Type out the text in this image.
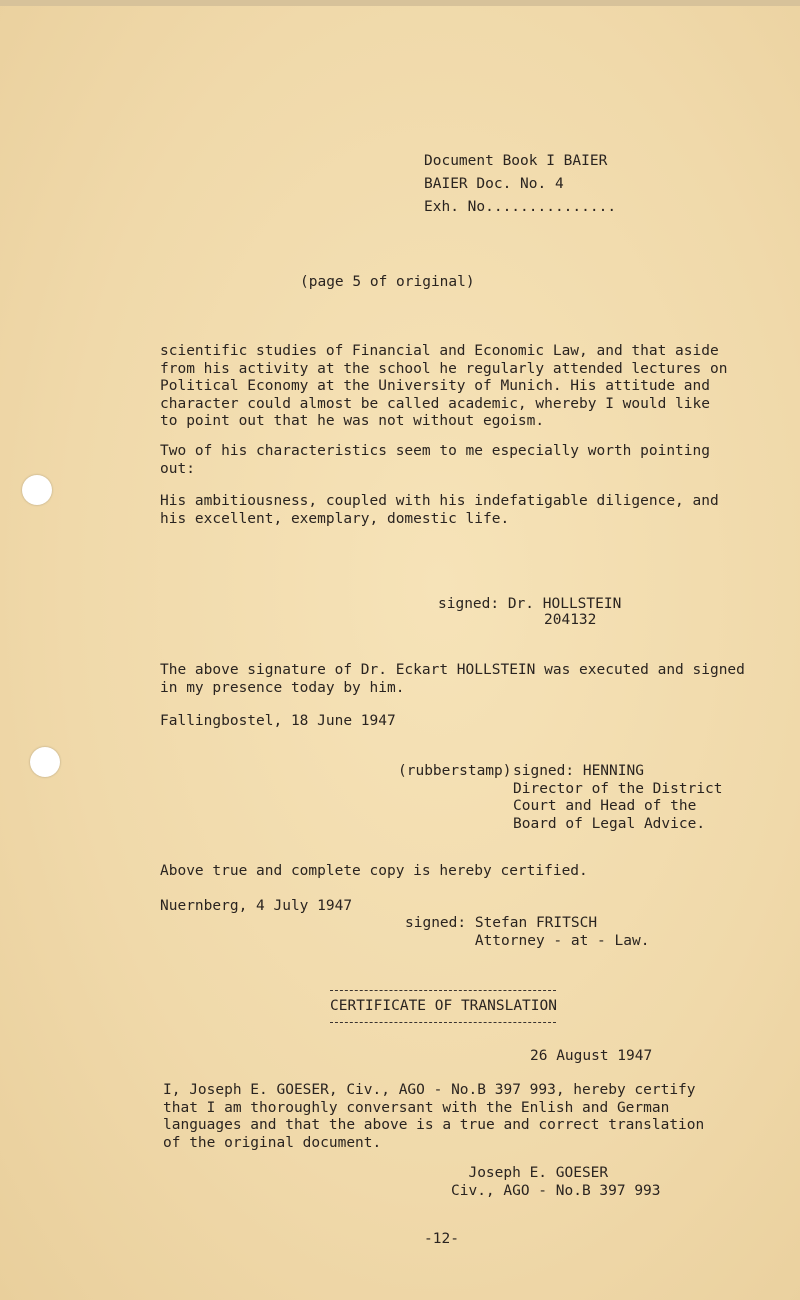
Document Book I BAIER
BAIER Doc. No. 4
Exh. No...............
(page 5 of original)
scientific studies of Financial and Economic Law, and that aside
from his activity at the school he regularly attended lectures on
Political Economy at the University of Munich. His attitude and
character could almost be called academic, whereby I would like
to point out that he was not without egoism.
Two of his characteristics seem to me especially worth pointing
out:
His ambitiousness, coupled with his indefatigable diligence, and
his excellent, exemplary, domestic life.
signed: Dr. HOLLSTEIN
204132
The above signature of Dr. Eckart HOLLSTEIN was executed and signed
in my presence today by him.
Fallingbostel, 18 June 1947
(rubberstamp) signed: HENNING
Director of the District
Court and Head of the
Board of Legal Advice.
Above true and complete copy is hereby certified.
Nuernberg, 4 July 1947
signed: Stefan FRITSCH
Attorney - at - Law.
CERTIFICATE OF TRANSLATION
26 August 1947
I, Joseph E. GOESER, Civ., AGO - No.B 397 993, hereby certify
that I am thoroughly conversant with the Enlish and German
languages and that the above is a true and correct translation
of the original document.
Joseph E. GOESER
Civ., AGO - No.B 397 993
-12-
